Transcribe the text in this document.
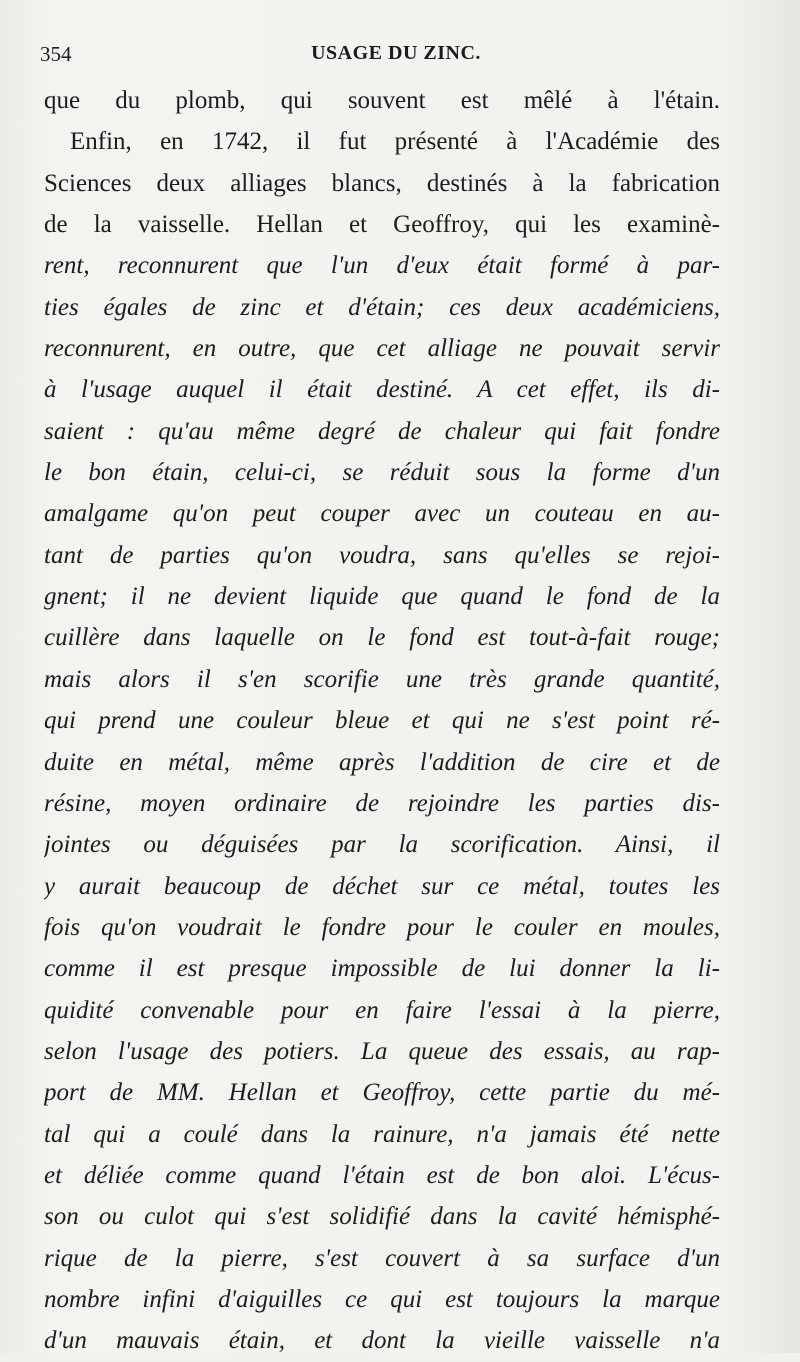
354	USAGE DU ZINC.
que du plomb, qui souvent est mêlé à l'étain.
Enfin, en 1742, il fut présenté à l'Académie des
Sciences deux alliages blancs, destinés à la fabrication
de la vaisselle. Hellan et Geoffroy, qui les examinè-
rent, reconnurent que l'un d'eux était formé à par-
ties égales de zinc et d'étain; ces deux académiciens,
reconnurent, en outre, que cet alliage ne pouvait servir
à l'usage auquel il était destiné. A cet effet, ils di-
saient : qu'au même degré de chaleur qui fait fondre
le bon étain, celui-ci, se réduit sous la forme d'un
amalgame qu'on peut couper avec un couteau en au-
tant de parties qu'on voudra, sans qu'elles se rejoi-
gnent; il ne devient liquide que quand le fond de la
cuillère dans laquelle on le fond est tout-à-fait rouge;
mais alors il s'en scorifie une très grande quantité,
qui prend une couleur bleue et qui ne s'est point ré-
duite en métal, même après l'addition de cire et de
résine, moyen ordinaire de rejoindre les parties dis-
jointes ou déguisées par la scorification. Ainsi, il
y aurait beaucoup de déchet sur ce métal, toutes les
fois qu'on voudrait le fondre pour le couler en moules,
comme il est presque impossible de lui donner la li-
quidité convenable pour en faire l'essai à la pierre,
selon l'usage des potiers. La queue des essais, au rap-
port de MM. Hellan et Geoffroy, cette partie du mé-
tal qui a coulé dans la rainure, n'a jamais été nette
et déliée comme quand l'étain est de bon aloi. L'écus-
son ou culot qui s'est solidifié dans la cavité hémisphé-
rique de la pierre, s'est couvert à sa surface d'un
nombre infini d'aiguilles ce qui est toujours la marque
d'un mauvais étain, et dont la vieille vaisselle n'a
